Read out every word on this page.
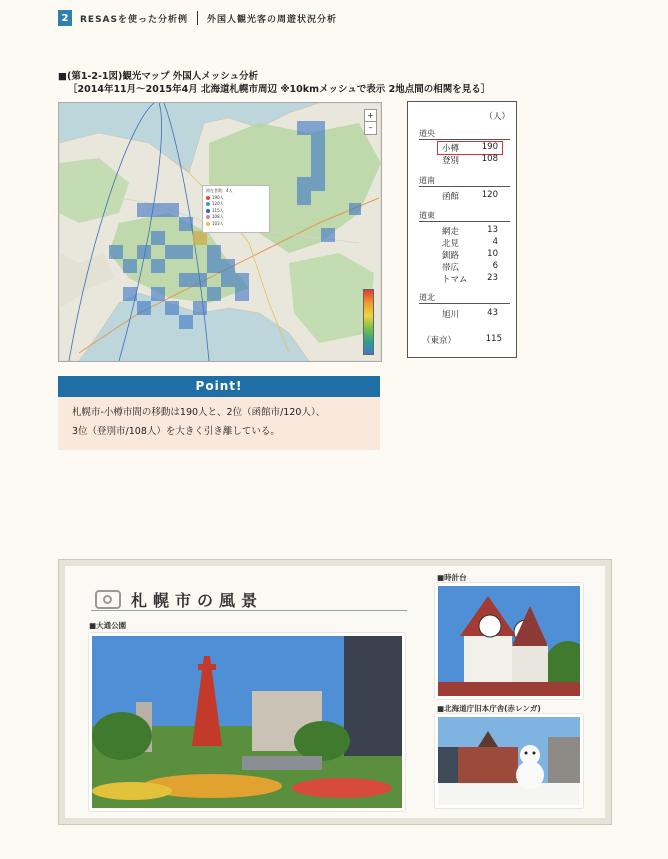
2	RESASを使った分析例 外国人観光客の周遊状況分析
■(第1-2-1図)観光マップ 外国人メッシュ分析
［2014年11月～2015年4月 北海道札幌市周辺 ※10kmメッシュで表示 2地点間の相関を見る］
+
–
滞在者数：4人
190人
120人
115人
108人
103人
（人）
道央
小樽	190
登別	108
道南
函館	120
道東
網走	13
北見	4
釧路	10
帯広	6
トマム 23
道北
旭川	43
（東京）	115
Point!
札幌市-小樽市間の移動は190人と、2位（函館市/120人）、
3位（登別市/108人）を大きく引き離している。
札幌市の風景
■大通公園
■時計台
■北海道庁旧本庁舎(赤レンガ)
